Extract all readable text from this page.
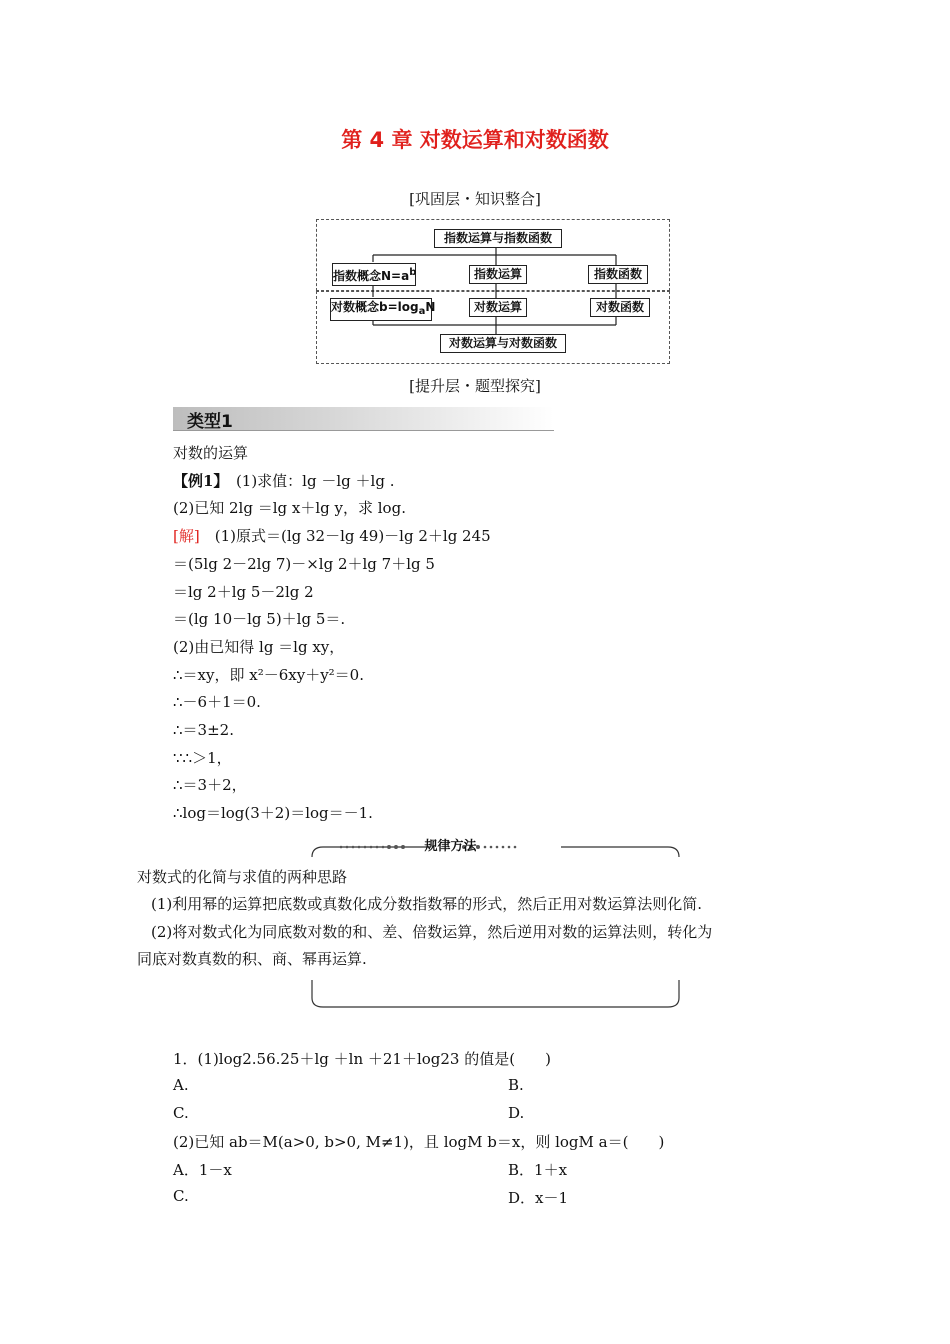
第 4 章 对数运算和对数函数
[巩固层・知识整合]
指数运算与指数函数
指数概念$N=a^b$	指数运算	指数函数
对数概念$b=\log_aN$	对数运算	对数函数
对数运算与对数函数
[提升层・题型探究]
类型1
对数的运算
【例1】　(1)求值：lg －lg ＋lg .
(2)已知 2lg ＝lg x＋lg y，求 log.
[解]　(1)原式＝(lg 32－lg 49)－lg 2＋lg 245
＝(5lg 2－2lg 7)－×lg 2＋lg 7＋lg 5
＝lg 2＋lg 5－2lg 2
＝(lg 10－lg 5)＋lg 5＝.
(2)由已知得 lg ＝lg xy，
∴＝xy，即 x²－6xy＋y²＝0.
∴－6＋1＝0.
∴＝3±2.
∵∴＞1，
∴＝3＋2，
∴log＝log(3＋2)＝log＝－1.
规律方法
对数式的化简与求值的两种思路
(1)利用幂的运算把底数或真数化成分数指数幂的形式，然后正用对数运算法则化简.
(2)将对数式化为同底数对数的和、差、倍数运算，然后逆用对数的运算法则，转化为
同底对数真数的积、商、幂再运算.
1．(1)log2.56.25＋lg ＋ln ＋21＋log23 的值是(　　)
A.	B.
C.	D.
(2)已知 ab＝M(a>0, b>0, M≠1)，且 logM b＝x，则 logM a＝(　　)
A．1－x	B．1＋x
C.	D．x－1
